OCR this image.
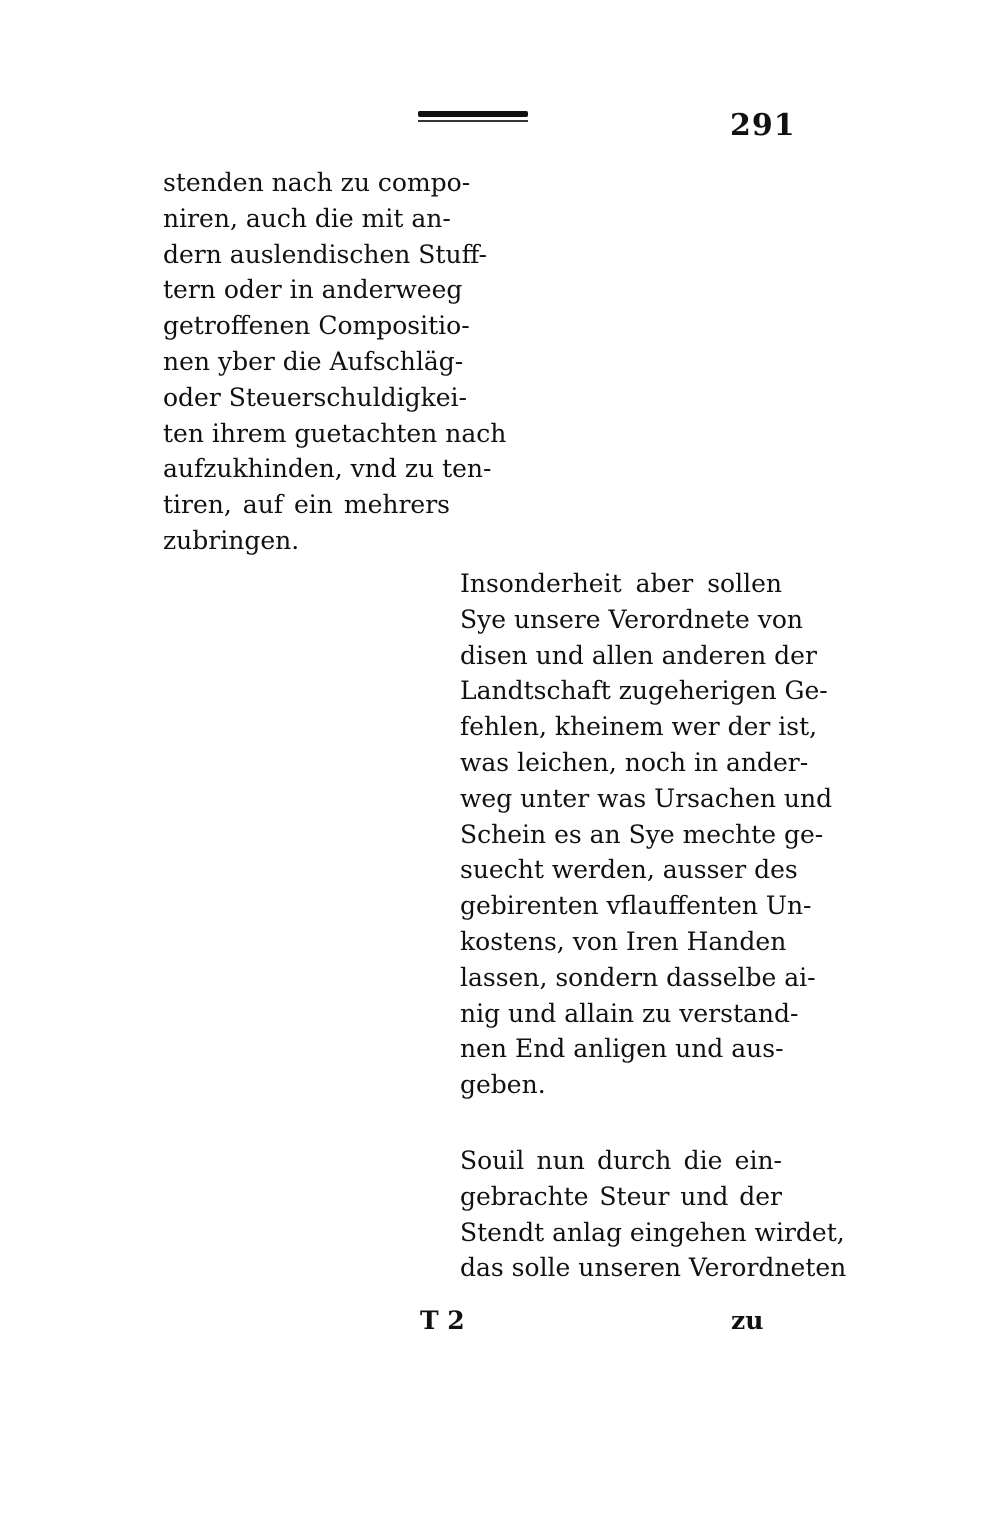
291
stenden nach zu compo-
niren, auch die mit an-
dern auslendischen Stuff-
tern oder in anderweeg
getroffenen Compositio-
nen yber die Aufschläg-
oder Steuerschuldigkei-
ten ihrem guetachten nach
aufzukhinden, vnd zu ten-
tiren, auf ein mehrers
zubringen.
Insonderheit aber sollen
Sye unsere Verordnete von
disen und allen anderen der
Landtschaft zugeherigen Ge-
fehlen, kheinem wer der ist,
was leichen, noch in ander-
weg unter was Ursachen und
Schein es an Sye mechte ge-
suecht werden, ausser des
gebirenten vflauffenten Un-
kostens, von Iren Handen
lassen, sondern dasselbe ai-
nig und allain zu verstand-
nen End anligen und aus-
geben.
Souil nun durch die ein-
gebrachte Steur und der
Stendt anlag eingehen wirdet,
das solle unseren Verordneten
T 2	zu
